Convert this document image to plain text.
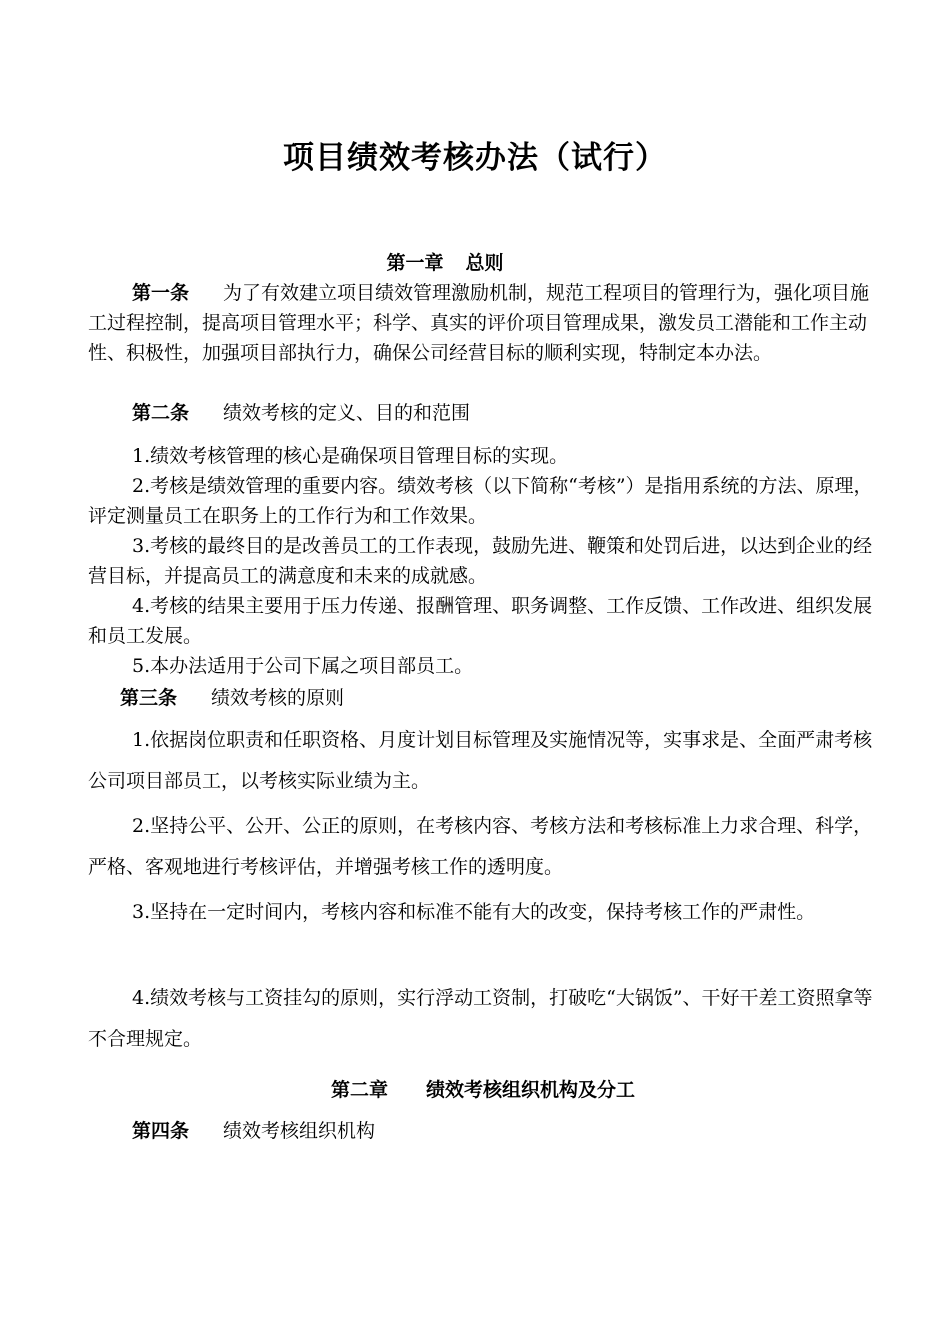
项目绩效考核办法（试行）
第一章 总则
第一条 为了有效建立项目绩效管理激励机制，规范工程项目的管理行为，强化项目施工过程控制，提高项目管理水平；科学、真实的评价项目管理成果，激发员工潜能和工作主动性、积极性，加强项目部执行力，确保公司经营目标的顺利实现，特制定本办法。
第二条 绩效考核的定义、目的和范围
1.绩效考核管理的核心是确保项目管理目标的实现。
2.考核是绩效管理的重要内容。绩效考核（以下简称“考核”）是指用系统的方法、原理，评定测量员工在职务上的工作行为和工作效果。
3.考核的最终目的是改善员工的工作表现，鼓励先进、鞭策和处罚后进，以达到企业的经营目标，并提高员工的满意度和未来的成就感。
4.考核的结果主要用于压力传递、报酬管理、职务调整、工作反馈、工作改进、组织发展和员工发展。
5.本办法适用于公司下属之项目部员工。
第三条 绩效考核的原则
1.依据岗位职责和任职资格、月度计划目标管理及实施情况等，实事求是、全面严肃考核公司项目部员工，以考核实际业绩为主。
2.坚持公平、公开、公正的原则，在考核内容、考核方法和考核标准上力求合理、科学，严格、客观地进行考核评估，并增强考核工作的透明度。
3.坚持在一定时间内，考核内容和标准不能有大的改变，保持考核工作的严肃性。
4.绩效考核与工资挂勾的原则，实行浮动工资制，打破吃“大锅饭”、干好干差工资照拿等不合理规定。
第二章 绩效考核组织机构及分工
第四条 绩效考核组织机构
